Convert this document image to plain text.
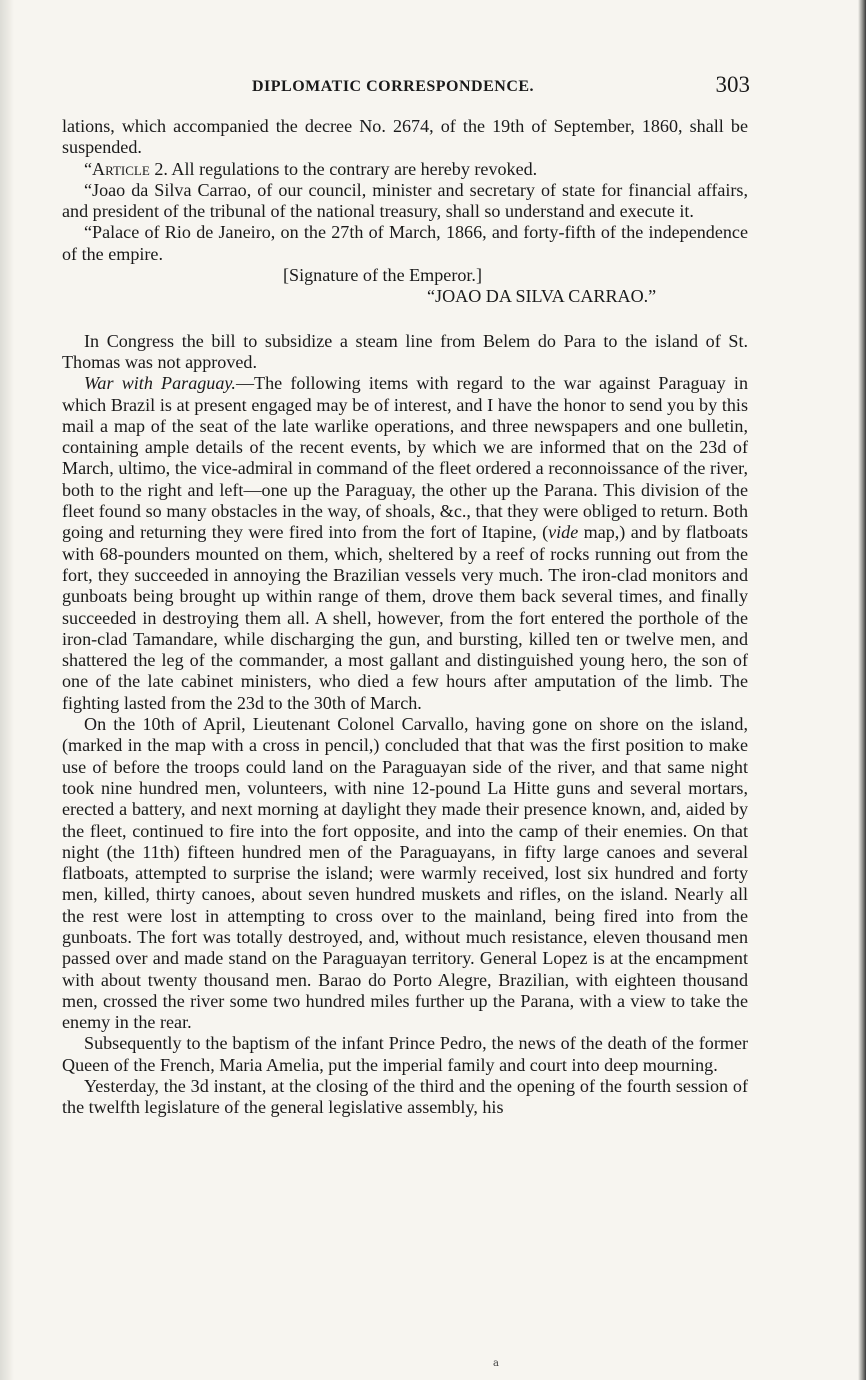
DIPLOMATIC CORRESPONDENCE.	303

lations, which accompanied the decree No. 2674, of the 19th of September, 1860, shall be suspended.

“Article 2. All regulations to the contrary are hereby revoked.

“Joao da Silva Carrao, of our council, minister and secretary of state for financial affairs, and president of the tribunal of the national treasury, shall so understand and execute it.

“Palace of Rio de Janeiro, on the 27th of March, 1866, and forty-fifth of the independence of the empire.

[Signature of the Emperor.]

“JOAO DA SILVA CARRAO.”

In Congress the bill to subsidize a steam line from Belem do Para to the island of St. Thomas was not approved.

War with Paraguay.—The following items with regard to the war against Paraguay in which Brazil is at present engaged may be of interest, and I have the honor to send you by this mail a map of the seat of the late warlike operations, and three newspapers and one bulletin, containing ample details of the recent events, by which we are informed that on the 23d of March, ultimo, the vice-admiral in command of the fleet ordered a reconnoissance of the river, both to the right and left—one up the Paraguay, the other up the Parana. This division of the fleet found so many obstacles in the way, of shoals, &c., that they were obliged to return. Both going and returning they were fired into from the fort of Itapine, (vide map,) and by flatboats with 68-pounders mounted on them, which, sheltered by a reef of rocks running out from the fort, they succeeded in annoying the Brazilian vessels very much. The iron-clad monitors and gunboats being brought up within range of them, drove them back several times, and finally succeeded in destroying them all. A shell, however, from the fort entered the porthole of the iron-clad Tamandare, while discharging the gun, and bursting, killed ten or twelve men, and shattered the leg of the commander, a most gallant and distinguished young hero, the son of one of the late cabinet ministers, who died a few hours after amputation of the limb. The fighting lasted from the 23d to the 30th of March.

On the 10th of April, Lieutenant Colonel Carvallo, having gone on shore on the island, (marked in the map with a cross in pencil,) concluded that that was the first position to make use of before the troops could land on the Paraguayan side of the river, and that same night took nine hundred men, volunteers, with nine 12-pound La Hitte guns and several mortars, erected a battery, and next morning at daylight they made their presence known, and, aided by the fleet, continued to fire into the fort opposite, and into the camp of their enemies. On that night (the 11th) fifteen hundred men of the Paraguayans, in fifty large canoes and several flatboats, attempted to surprise the island; were warmly received, lost six hundred and forty men, killed, thirty canoes, about seven hundred muskets and rifles, on the island. Nearly all the rest were lost in attempting to cross over to the mainland, being fired into from the gunboats. The fort was totally destroyed, and, without much resistance, eleven thousand men passed over and made stand on the Paraguayan territory. General Lopez is at the encampment with about twenty thousand men. Barao do Porto Alegre, Brazilian, with eighteen thousand men, crossed the river some two hundred miles further up the Parana, with a view to take the enemy in the rear.

Subsequently to the baptism of the infant Prince Pedro, the news of the death of the former Queen of the French, Maria Amelia, put the imperial family and court into deep mourning.

Yesterday, the 3d instant, at the closing of the third and the opening of the fourth session of the twelfth legislature of the general legislative assembly, his

a
